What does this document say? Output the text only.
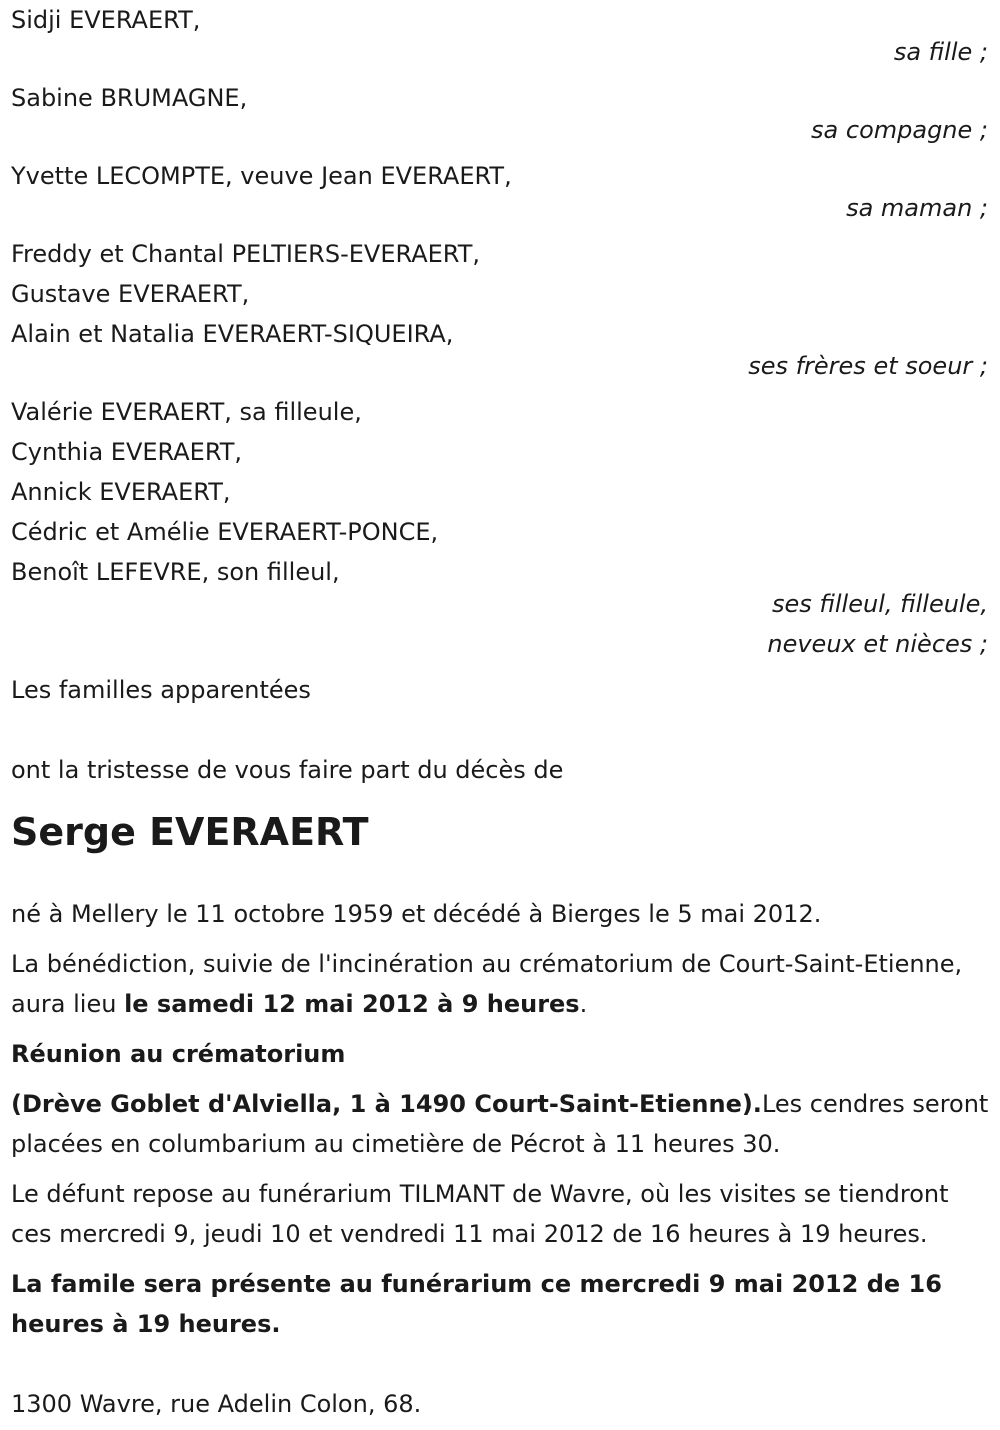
Sidji EVERAERT,

sa fille ;

Sabine BRUMAGNE,

sa compagne ;

Yvette LECOMPTE, veuve Jean EVERAERT,

sa maman ;

Freddy et Chantal PELTIERS-EVERAERT,

Gustave EVERAERT,

Alain et Natalia EVERAERT-SIQUEIRA,

ses frères et soeur ;

Valérie EVERAERT, sa filleule,

Cynthia EVERAERT,

Annick EVERAERT,

Cédric et Amélie EVERAERT-PONCE,

Benoît LEFEVRE, son filleul,

ses filleul, filleule,

neveux et nièces ;

Les familles apparentées

ont la tristesse de vous faire part du décès de

Serge EVERAERT

né à Mellery le 11 octobre 1959 et décédé à Bierges le 5 mai 2012.

La bénédiction, suivie de l'incinération au crématorium de Court-Saint-Etienne, aura lieu le samedi 12 mai 2012 à 9 heures.

Réunion au crématorium

(Drève Goblet d'Alviella, 1 à 1490 Court-Saint-Etienne).Les cendres seront placées en columbarium au cimetière de Pécrot à 11 heures 30.

Le défunt repose au funérarium TILMANT de Wavre, où les visites se tiendront ces mercredi 9, jeudi 10 et vendredi 11 mai 2012 de 16 heures à 19 heures.

La famile sera présente au funérarium ce mercredi 9 mai 2012 de 16 heures à 19 heures.

1300 Wavre, rue Adelin Colon, 68.
